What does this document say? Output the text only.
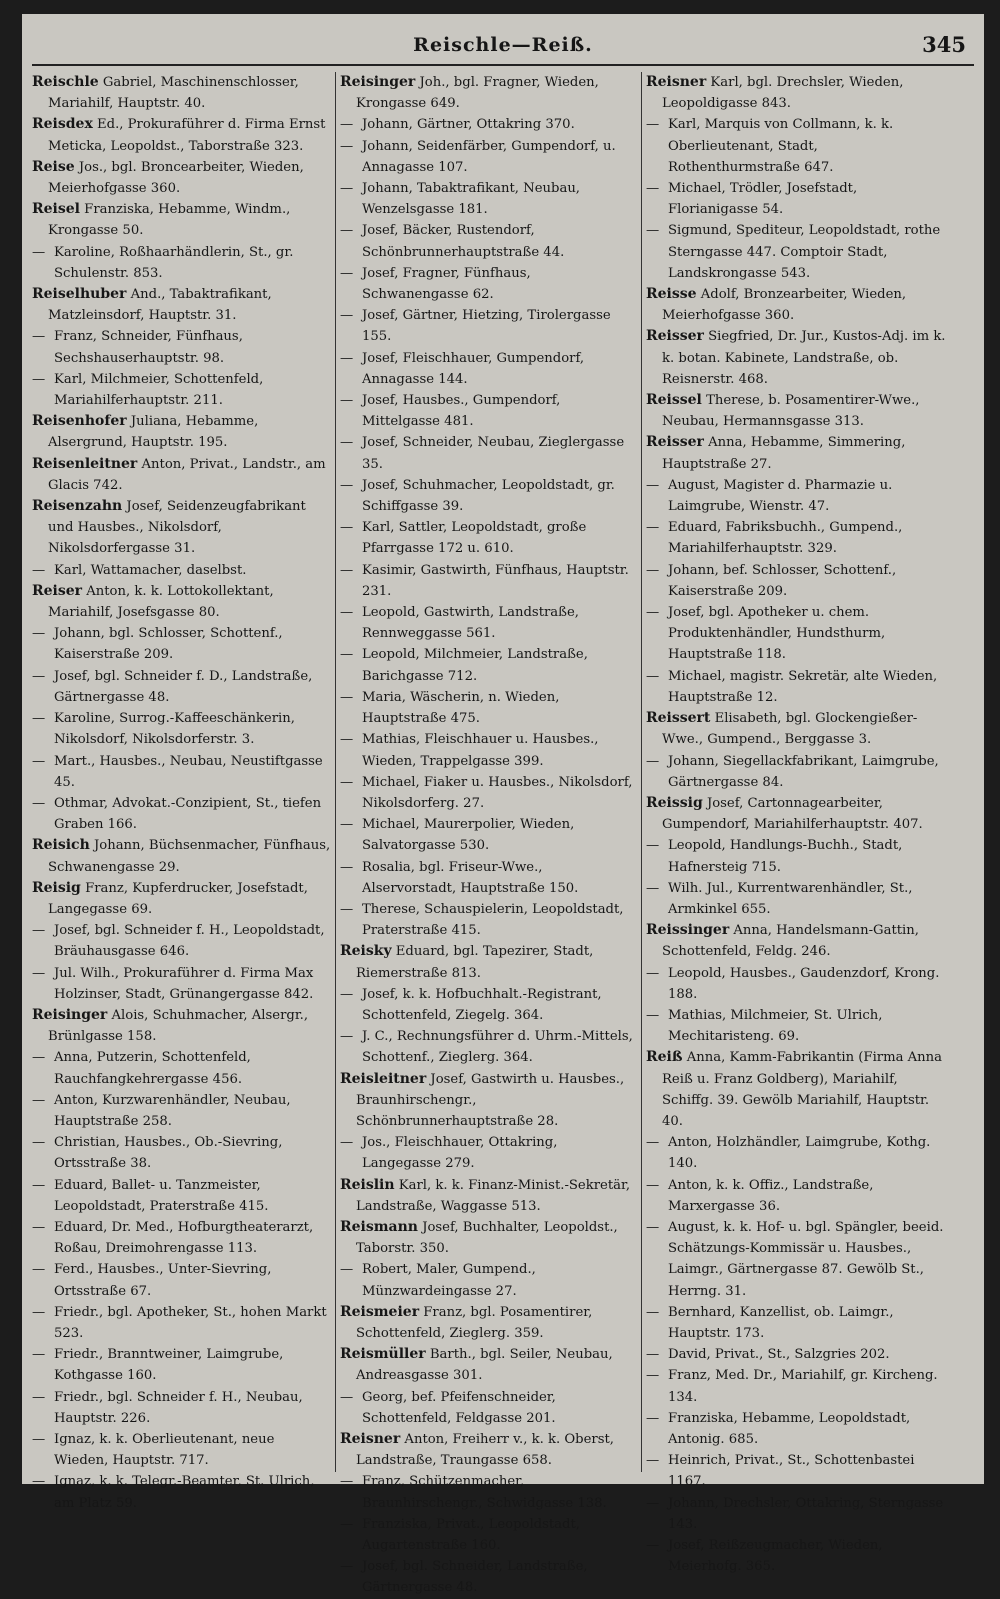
Reischle—Reiß.	345
Reischle Gabriel, Maschinenschlosser, Mariahilf, Hauptstr. 40.
Reisdex Ed., Prokuraführer d. Firma Ernst Meticka, Leopoldst., Taborstraße 323.
Reise Jos., bgl. Broncearbeiter, Wieden, Meierhofgasse 360.
Reisel Franziska, Hebamme, Windm., Krongasse 50.
— Karoline, Roßhaarhändlerin, St., gr. Schulenstr. 853.
Reiselhuber And., Tabaktrafikant, Matzleinsdorf, Hauptstr. 31.
— Franz, Schneider, Fünfhaus, Sechshauserhauptstr. 98.
— Karl, Milchmeier, Schottenfeld, Mariahilferhauptstr. 211.
Reisenhofer Juliana, Hebamme, Alsergrund, Hauptstr. 195.
Reisenleitner Anton, Privat., Landstr., am Glacis 742.
Reisenzahn Josef, Seidenzeugfabrikant und Hausbes., Nikolsdorf, Nikolsdorfergasse 31.
— Karl, Wattamacher, daselbst.
Reiser Anton, k. k. Lottokollektant, Mariahilf, Josefsgasse 80.
— Johann, bgl. Schlosser, Schottenf., Kaiserstraße 209.
— Josef, bgl. Schneider f. D., Landstraße, Gärtnergasse 48.
— Karoline, Surrog.-Kaffeeschänkerin, Nikolsdorf, Nikolsdorferstr. 3.
— Mart., Hausbes., Neubau, Neustiftgasse 45.
— Othmar, Advokat.-Conzipient, St., tiefen Graben 166.
Reisich Johann, Büchsenmacher, Fünfhaus, Schwanengasse 29.
Reisig Franz, Kupferdrucker, Josefstadt, Langegasse 69.
— Josef, bgl. Schneider f. H., Leopoldstadt, Bräuhausgasse 646.
— Jul. Wilh., Prokuraführer d. Firma Max Holzinser, Stadt, Grünangergasse 842.
Reisinger Alois, Schuhmacher, Alsergr., Brünlgasse 158.
— Anna, Putzerin, Schottenfeld, Rauchfangkehrergasse 456.
— Anton, Kurzwarenhändler, Neubau, Hauptstraße 258.
— Christian, Hausbes., Ob.-Sievring, Ortsstraße 38.
— Eduard, Ballet- u. Tanzmeister, Leopoldstadt, Praterstraße 415.
— Eduard, Dr. Med., Hofburgtheaterarzt, Roßau, Dreimohrengasse 113.
— Ferd., Hausbes., Unter-Sievring, Ortsstraße 67.
— Friedr., bgl. Apotheker, St., hohen Markt 523.
— Friedr., Branntweiner, Laimgrube, Kothgasse 160.
— Friedr., bgl. Schneider f. H., Neubau, Hauptstr. 226.
— Ignaz, k. k. Oberlieutenant, neue Wieden, Hauptstr. 717.
— Ignaz, k. k. Telegr.-Beamter, St. Ulrich, am Platz 59.
Reisinger Joh., bgl. Fragner, Wieden, Krongasse 649.
— Johann, Gärtner, Ottakring 370.
— Johann, Seidenfärber, Gumpendorf, u. Annagasse 107.
— Johann, Tabaktrafikant, Neubau, Wenzelsgasse 181.
— Josef, Bäcker, Rustendorf, Schönbrunnerhauptstraße 44.
— Josef, Fragner, Fünfhaus, Schwanengasse 62.
— Josef, Gärtner, Hietzing, Tirolergasse 155.
— Josef, Fleischhauer, Gumpendorf, Annagasse 144.
— Josef, Hausbes., Gumpendorf, Mittelgasse 481.
— Josef, Schneider, Neubau, Zieglergasse 35.
— Josef, Schuhmacher, Leopoldstadt, gr. Schiffgasse 39.
— Karl, Sattler, Leopoldstadt, große Pfarrgasse 172 u. 610.
— Kasimir, Gastwirth, Fünfhaus, Hauptstr. 231.
— Leopold, Gastwirth, Landstraße, Rennweggasse 561.
— Leopold, Milchmeier, Landstraße, Barichgasse 712.
— Maria, Wäscherin, n. Wieden, Hauptstraße 475.
— Mathias, Fleischhauer u. Hausbes., Wieden, Trappelgasse 399.
— Michael, Fiaker u. Hausbes., Nikolsdorf, Nikolsdorferg. 27.
— Michael, Maurerpolier, Wieden, Salvatorgasse 530.
— Rosalia, bgl. Friseur-Wwe., Alservorstadt, Hauptstraße 150.
— Therese, Schauspielerin, Leopoldstadt, Praterstraße 415.
Reisky Eduard, bgl. Tapezirer, Stadt, Riemerstraße 813.
— Josef, k. k. Hofbuchhalt.-Registrant, Schottenfeld, Ziegelg. 364.
— J. C., Rechnungsführer d. Uhrm.-Mittels, Schottenf., Zieglerg. 364.
Reisleitner Josef, Gastwirth u. Hausbes., Braunhirschengr., Schönbrunnerhauptstraße 28.
— Jos., Fleischhauer, Ottakring, Langegasse 279.
Reislin Karl, k. k. Finanz-Minist.-Sekretär, Landstraße, Waggasse 513.
Reismann Josef, Buchhalter, Leopoldst., Taborstr. 350.
— Robert, Maler, Gumpend., Münzwardeingasse 27.
Reismeier Franz, bgl. Posamentirer, Schottenfeld, Zieglerg. 359.
Reismüller Barth., bgl. Seiler, Neubau, Andreasgasse 301.
— Georg, bef. Pfeifenschneider, Schottenfeld, Feldgasse 201.
Reisner Anton, Freiherr v., k. k. Oberst, Landstraße, Traungasse 658.
— Franz, Schützenmacher, Braunhirschengr., Schwidgasse 138.
— Franziska, Privat., Leopoldstadt, Augartenstraße 160.
— Josef, bgl. Schneider, Landstraße, Gärtnergasse 48.
Reisner Karl, bgl. Drechsler, Wieden, Leopoldigasse 843.
— Karl, Marquis von Collmann, k. k. Oberlieutenant, Stadt, Rothenthurmstraße 647.
— Michael, Trödler, Josefstadt, Florianigasse 54.
— Sigmund, Spediteur, Leopoldstadt, rothe Sterngasse 447. Comptoir Stadt, Landskrongasse 543.
Reisse Adolf, Bronzearbeiter, Wieden, Meierhofgasse 360.
Reisser Siegfried, Dr. Jur., Kustos-Adj. im k. k. botan. Kabinete, Landstraße, ob. Reisnerstr. 468.
Reissel Therese, b. Posamentirer-Wwe., Neubau, Hermannsgasse 313.
Reisser Anna, Hebamme, Simmering, Hauptstraße 27.
— August, Magister d. Pharmazie u. Laimgrube, Wienstr. 47.
— Eduard, Fabriksbuchh., Gumpend., Mariahilferhauptstr. 329.
— Johann, bef. Schlosser, Schottenf., Kaiserstraße 209.
— Josef, bgl. Apotheker u. chem. Produktenhändler, Hundsthurm, Hauptstraße 118.
— Michael, magistr. Sekretär, alte Wieden, Hauptstraße 12.
Reissert Elisabeth, bgl. Glockengießer-Wwe., Gumpend., Berggasse 3.
— Johann, Siegellackfabrikant, Laimgrube, Gärtnergasse 84.
Reissig Josef, Cartonnagearbeiter, Gumpendorf, Mariahilferhauptstr. 407.
— Leopold, Handlungs-Buchh., Stadt, Hafnersteig 715.
— Wilh. Jul., Kurrentwarenhändler, St., Armkinkel 655.
Reissinger Anna, Handelsmann-Gattin, Schottenfeld, Feldg. 246.
— Leopold, Hausbes., Gaudenzdorf, Krong. 188.
— Mathias, Milchmeier, St. Ulrich, Mechitaristeng. 69.
Reiß Anna, Kamm-Fabrikantin (Firma Anna Reiß u. Franz Goldberg), Mariahilf, Schiffg. 39. Gewölb Mariahilf, Hauptstr. 40.
— Anton, Holzhändler, Laimgrube, Kothg. 140.
— Anton, k. k. Offiz., Landstraße, Marxergasse 36.
— August, k. k. Hof- u. bgl. Spängler, beeid. Schätzungs-Kommissär u. Hausbes., Laimgr., Gärtnergasse 87. Gewölb St., Herrng. 31.
— Bernhard, Kanzellist, ob. Laimgr., Hauptstr. 173.
— David, Privat., St., Salzgries 202.
— Franz, Med. Dr., Mariahilf, gr. Kircheng. 134.
— Franziska, Hebamme, Leopoldstadt, Antonig. 685.
— Heinrich, Privat., St., Schottenbastei 1167.
— Johann, Drechsler, Ottakring, Sterngasse 143.
— Josef, Reißzeugmacher, Wieden, Meierhofg. 365.
